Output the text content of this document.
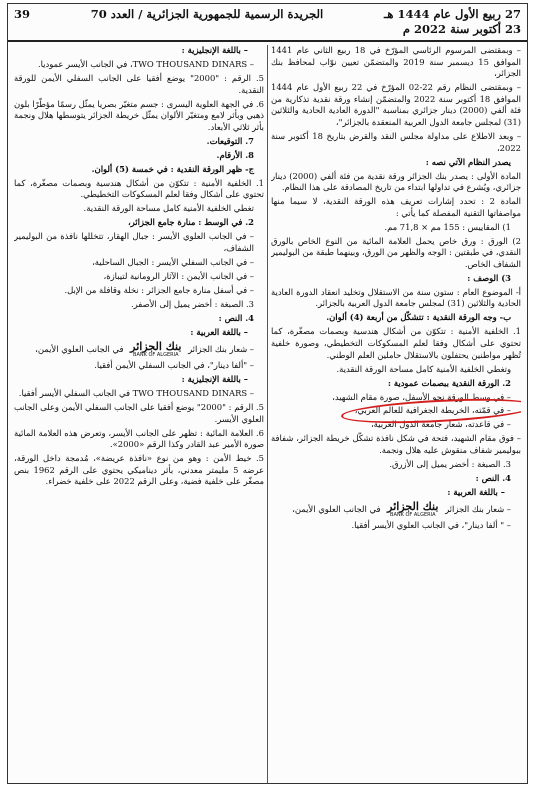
27 ربيع الأول عام 1444 هـ
23 أكتوبر سنة 2022 م
الجريدة الرسمية للجمهورية الجزائرية / العدد 70
39

– وبمقتضى المرسوم الرئاسي المؤرّخ في 18 ربيع الثاني عام 1441 الموافق 15 ديسمبر سنة 2019 والمتضمّن تعيين نوّاب لمحافظ بنك الجزائر،

– وبمقتضى النظام رقم 22-02 المؤرّخ في 22 ربيع الأول عام 1444 الموافق 18 أكتوبر سنة 2022 والمتضمّن إنشاء ورقة نقدية تذكارية من فئة ألفي (2000) دينار جزائري بمناسبة "الدورة العادية الحادية والثلاثين (31) لمجلس جامعة الدول العربية المنعقدة بالجزائر"،

– وبعد الاطلاع على مداولة مجلس النقد والقرض بتاريخ 18 أكتوبر سنة 2022،

يصدر النظام الآتي نصه :

المادة الأولى : يصدر بنك الجزائر ورقة نقدية من فئة ألفي (2000) دينار جزائري، ويُشرع في تداولها ابتداء من تاريخ المصادقة على هذا النظام.

المادة 2 : تحدد إشارات تعريف هذه الورقة النقدية، لا سيما منها مواصفاتها التقنية المفصلة كما يأتي :

1) المقاييس : 155 مم × 71,8 مم.

2) الورق : ورق خاص يحمل العلامة المائية من النوع الخاص بالورق النقدي، في طبقتين : الوجه والظهر من الورق، وبينهما طبقة من البوليمير الشفاف الخاص.

3) الوصف :

أ- الموضوع العام : ستون سنة من الاستقلال وتخليد انعقاد الدورة العادية الحادية والثلاثين (31) لمجلس جامعة الدول العربية بالجزائر.

ب- وجه الورقة النقدية : تتشكّل من أربعة (4) ألوان.

1. الخلفية الأمنية : تتكوّن من أشكال هندسية وبصمات مصغّرة، كما تحتوي على أشكال وفقا لعلم المسكوكات التخطيطي، وصورة خلفية تُظهر مواطنين يحتفلون بالاستقلال حاملين العلم الوطني.

وتغطي الخلفية الأمنية كامل مساحة الورقة النقدية.

2. الورقة النقدية ببصمات عمودية :

– في وسط الورقة نحو الأسفل، صورة مقام الشهيد،

– في قمّته، الخريطة الجغرافية للعالم العربي،

– في قاعدته، شعار جامعة الدول العربية،

– فوق مقام الشهيد، فتحة في شكل نافذة تشكّل خريطة الجزائر، شفافة ببوليمير شفاف منقوش عليه هلال ونجمة.

3. الصبغة : أخضر يميل إلى الأزرق.

4. النص :

– باللغة العربية :

– شعار بنك الجزائر
بنك الجزائر
BANK OF ALGERIA
في الجانب العلوي الأيمن،

– " ألفا دينار"، في الجانب العلوي الأيسر أفقيا.

– باللغة الإنجليزية :

– TWO THOUSAND DINARS، في الجانب الأيسر عموديا.

5. الرقم : "2000" يوضع أفقيا على الجانب السفلي الأيمن للورقة النقدية.

6. في الجهة العلوية اليسرى : جسم متغيّر بصريا يمثّل رسمًا مؤطّرًا بلون ذهبي وبأثر لامع ومتغيّر الألوان يمثّل خريطة الجزائر يتوسطها هلال ونجمة بأثر ثلاثي الأبعاد.

7. التوقيعات.

8. الأرقام.

ج- ظهر الورقة النقدية : في خمسة (5) ألوان.

1. الخلفية الأمنية : تتكوّن من أشكال هندسية وبصمات مصغّرة، كما تحتوي على أشكال وفقا لعلم المسكوكات التخطيطي.

تغطي الخلفية الأمنية كامل مساحة الورقة النقدية.

2. في الوسط : منارة جامع الجزائر،

– في الجانب العلوي الأيسر : جبال الهقار، تتخللها نافذة من البوليمير الشفاف،

– في الجانب السفلي الأيسر : الجبال الساحلية،

– في الجانب الأيمن : الآثار الرومانية لتيبازة،

– في أسفل منارة جامع الجزائر : نخلة وقافلة من الإبل.

3. الصبغة : أخضر يميل إلى الأصفر.

4. النص :

– باللغة العربية :

– شعار بنك الجزائر
بنك الجزائر
BANK OF ALGERIA
في الجانب العلوي الأيمن،

– "ألفا دينار"، في الجانب السفلي الأيمن أفقيا.

– باللغة الإنجليزية :

– TWO THOUSAND DINARS في الجانب السفلي الأيسر أفقيا.

5. الرقم : "2000" يوضع أفقيا على الجانب السفلي الأيمن وعلى الجانب العلوي الأيسر.

6. العلامة المائية : تظهر على الجانب الأيسر، وتعرض هذه العلامة المائية صورة الأمير عبد القادر وكذا الرقم «2000».

5. خيط الأمن : وهو من نوع «نافذة عريضة»، مُدمجة داخل الورقة، عرضه 5 مليمتر معدني، بأثر ديناميكي يحتوي على الرقم 1962 بنص مصغّر على خلفية فضية، وعلى الرقم 2022 على خلفية خضراء.
